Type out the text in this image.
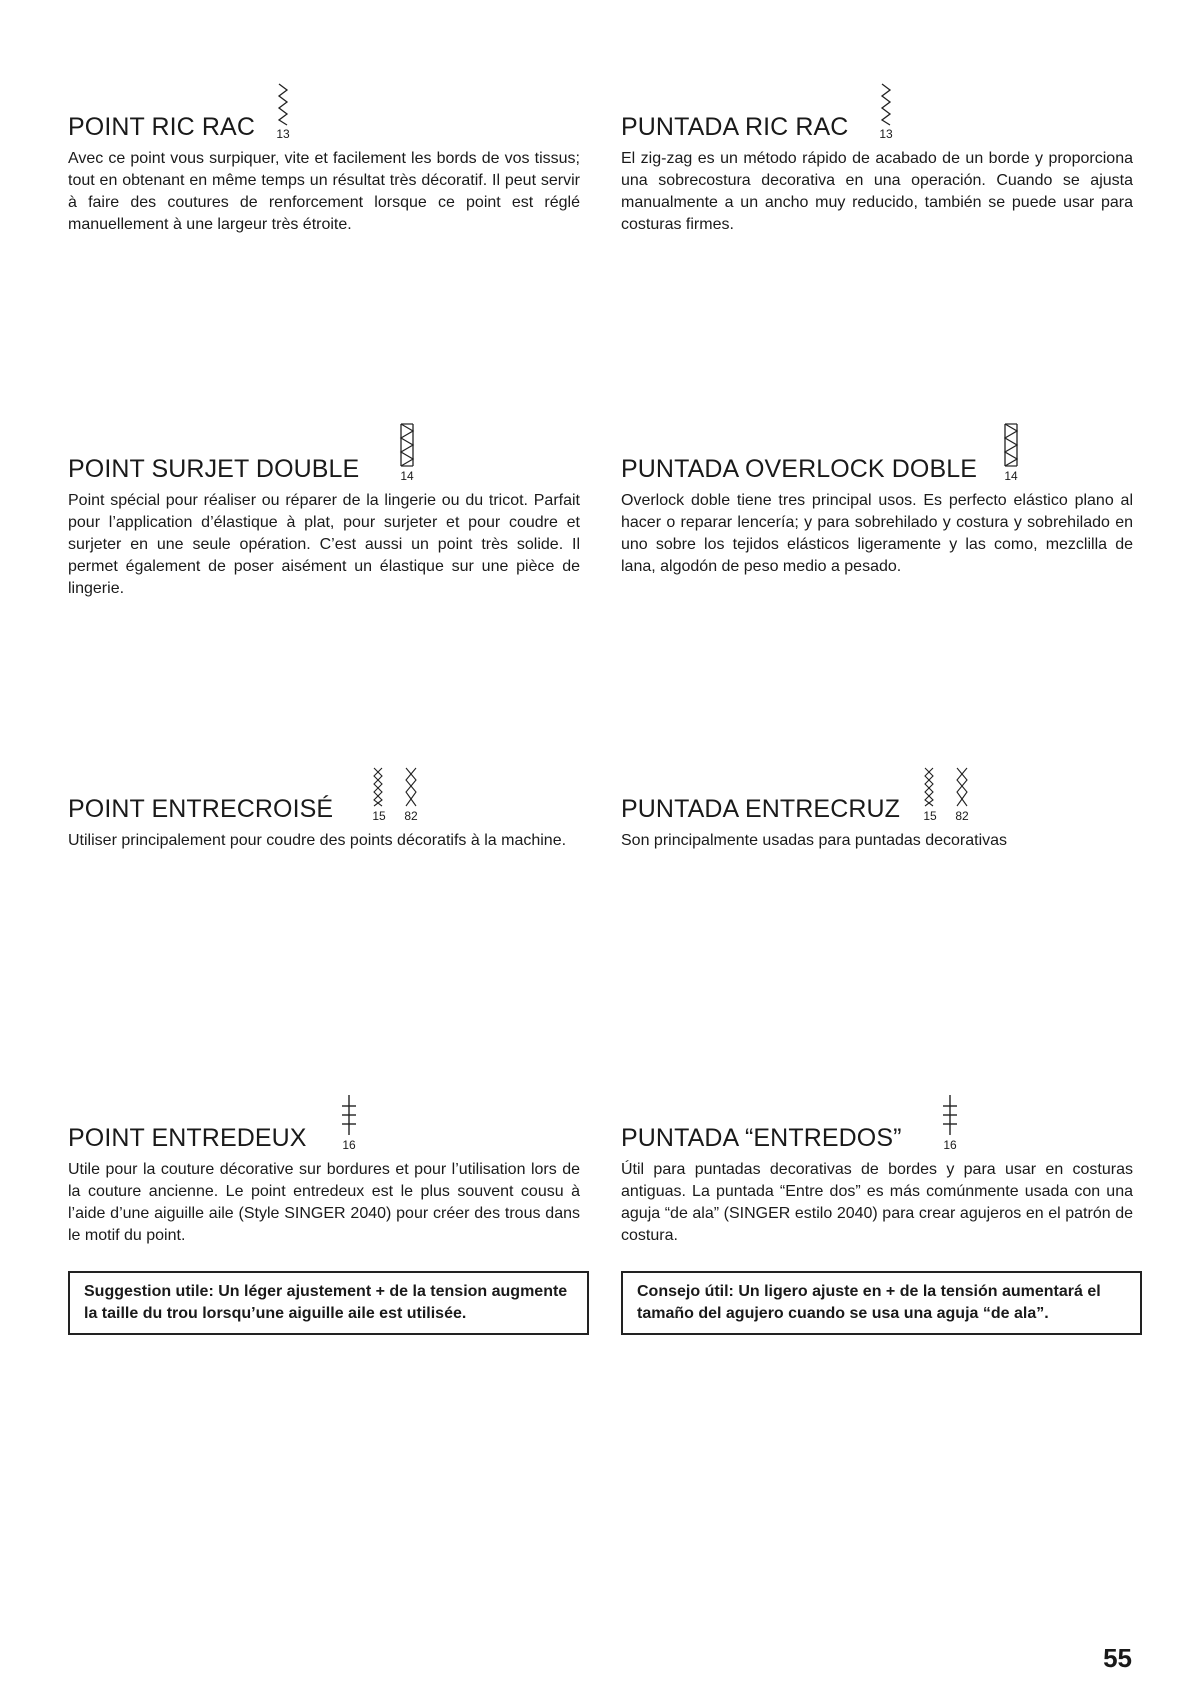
POINT RIC RAC 13

Avec ce point vous surpiquer, vite et facilement les bords de vos tissus; tout en obtenant en même temps un résultat très décoratif. Il peut servir à faire des coutures de renforcement lorsque ce point est réglé manuellement à une largeur très étroite.

PUNTADA RIC RAC	13

El zig-zag es un método rápido de acabado de un borde y proporciona una sobrecostura decorativa en una operación. Cuando se ajusta manualmente a un ancho muy reducido, también se puede usar para costuras firmes.

POINT SURJET DOUBLE	14

Point spécial pour réaliser ou réparer de la lingerie ou du tricot. Parfait pour l’application d’élastique à plat, pour surjeter et pour coudre et surjeter en une seule opération. C’est aussi un point très solide. Il permet également de poser aisément un élastique sur une pièce de lingerie.

PUNTADA OVERLOCK DOBLE 14

Overlock doble tiene tres principal usos. Es perfecto elástico plano al hacer o reparar lencería; y para sobrehilado y costura y sobrehilado en uno sobre los tejidos elásticos ligeramente y las como, mezclilla de lana, algodón de peso medio a pesado.

POINT ENTRECROISÉ	15 82

Utiliser principalement pour coudre des points décoratifs à la machine.

PUNTADA ENTRECRUZ 15 82

Son principalmente usadas para puntadas decorativas

POINT ENTREDEUX	16

Utile pour la couture décorative sur bordures et pour l’utilisation lors de la couture ancienne. Le point entredeux est le plus souvent cousu à l’aide d’une aiguille aile (Style SINGER 2040) pour créer des trous dans le motif du point.

PUNTADA “ENTREDOS”	16

Útil para puntadas decorativas de bordes y para usar en costuras antiguas. La puntada “Entre dos” es más comúnmente usada con una aguja “de ala” (SINGER estilo 2040) para crear agujeros en el patrón de costura.

Suggestion utile: Un léger ajustement + de la tension augmente la taille du trou lorsqu’une aiguille aile est utilisée.
Consejo útil: Un ligero ajuste en + de la tensión aumentará el tamaño del agujero cuando se usa una aguja “de ala”.

55
